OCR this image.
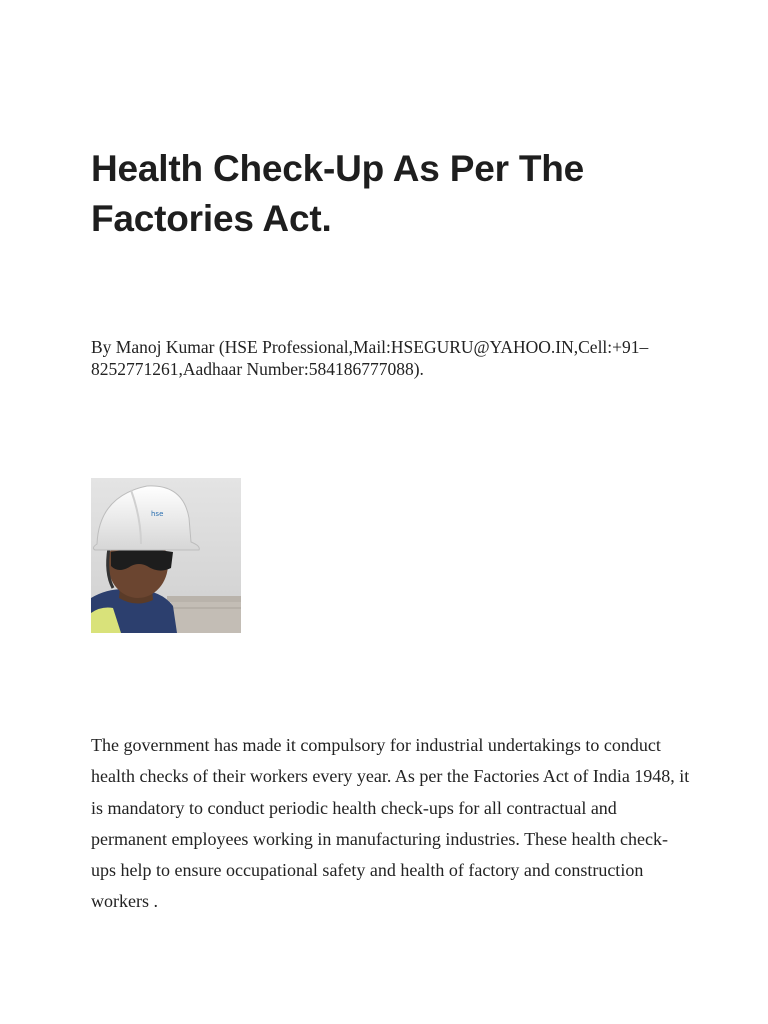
Health Check-Up As Per The Factories Act.

By Manoj Kumar (HSE Professional,Mail:HSEGURU@YAHOO.IN,Cell:+91–8252771261,Aadhaar Number:584186777088).

hse

The government has made it compulsory for industrial undertakings to conduct health checks of their workers every year. As per the Factories Act of India 1948, it is mandatory to conduct periodic health check-ups for all contractual and permanent employees working in manufacturing industries. These health check-ups help to ensure occupational safety and health of factory and construction workers .
